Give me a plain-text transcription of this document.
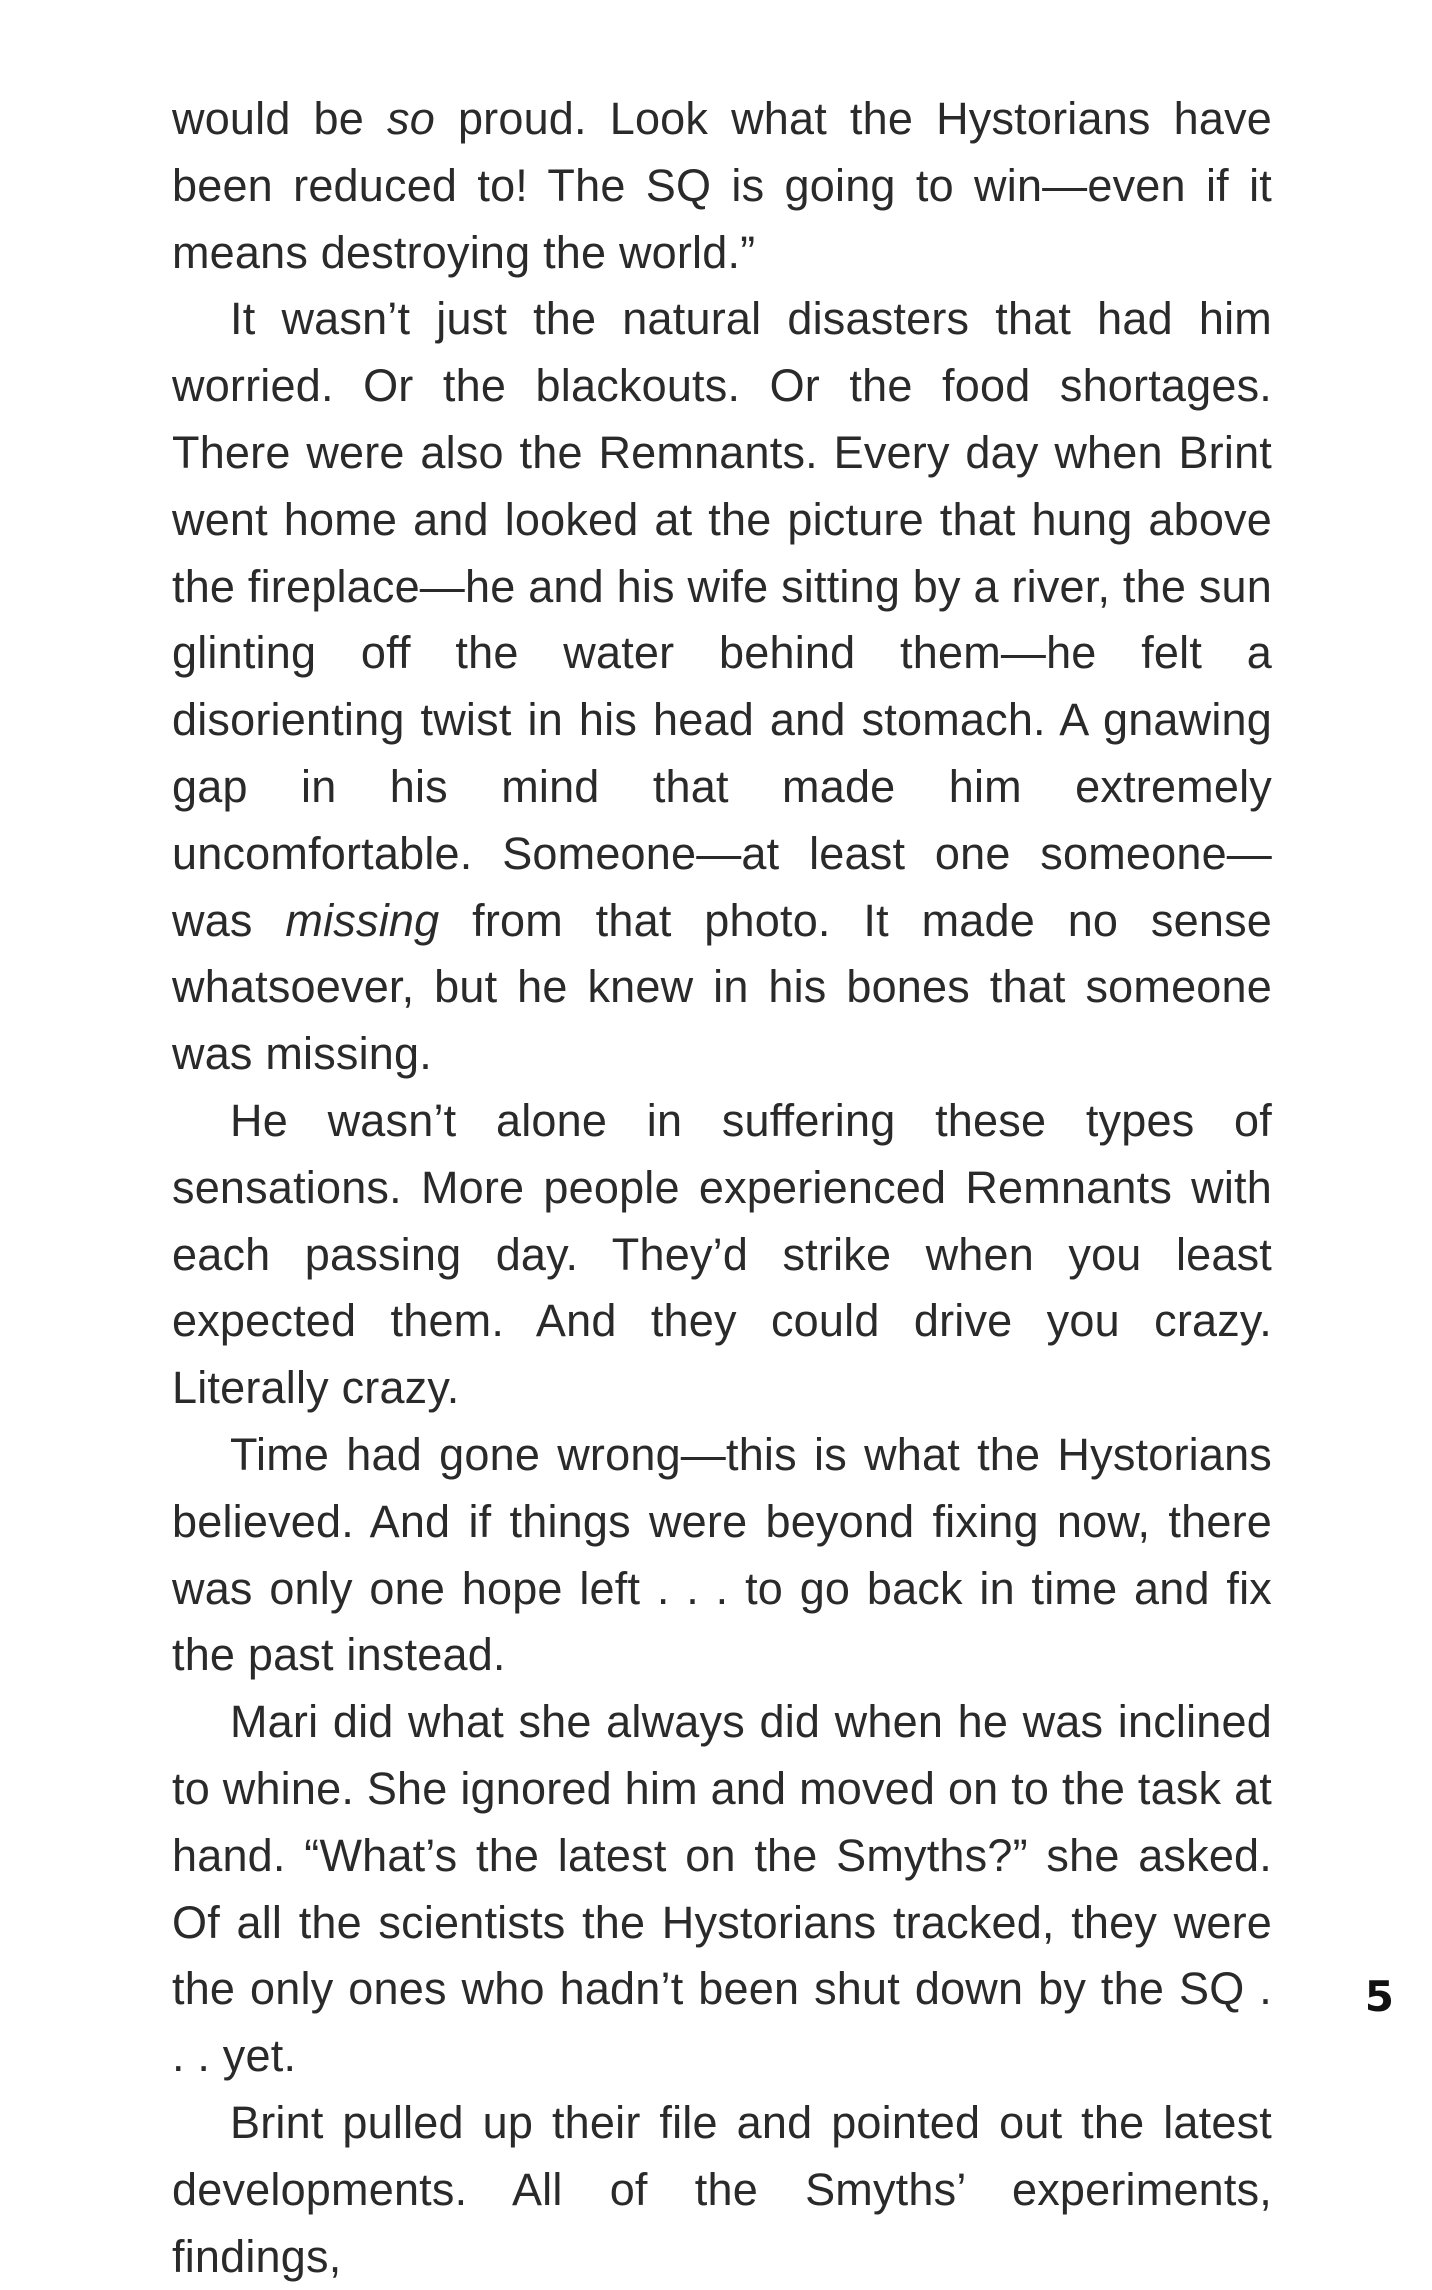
would be so proud. Look what the Hystorians have been reduced to! The SQ is going to win—even if it means destroying the world.”

It wasn’t just the natural disasters that had him worried. Or the blackouts. Or the food shortages. There were also the Remnants. Every day when Brint went home and looked at the picture that hung above the fireplace—he and his wife sitting by a river, the sun glinting off the water behind them—he felt a disorienting twist in his head and stomach. A gnawing gap in his mind that made him extremely uncomfortable. Someone—at least one someone—was missing from that photo. It made no sense whatsoever, but he knew in his bones that someone was missing.

He wasn’t alone in suffering these types of sensations. More people experienced Remnants with each passing day. They’d strike when you least expected them. And they could drive you crazy. Literally crazy.

Time had gone wrong—this is what the Hystorians believed. And if things were beyond fixing now, there was only one hope left . . . to go back in time and fix the past instead.

Mari did what she always did when he was inclined to whine. She ignored him and moved on to the task at hand. “What’s the latest on the Smyths?” she asked. Of all the scientists the Hystorians tracked, they were the only ones who hadn’t been shut down by the SQ . . . yet.

Brint pulled up their file and pointed out the latest developments. All of the Smyths’ experiments, findings,

5
